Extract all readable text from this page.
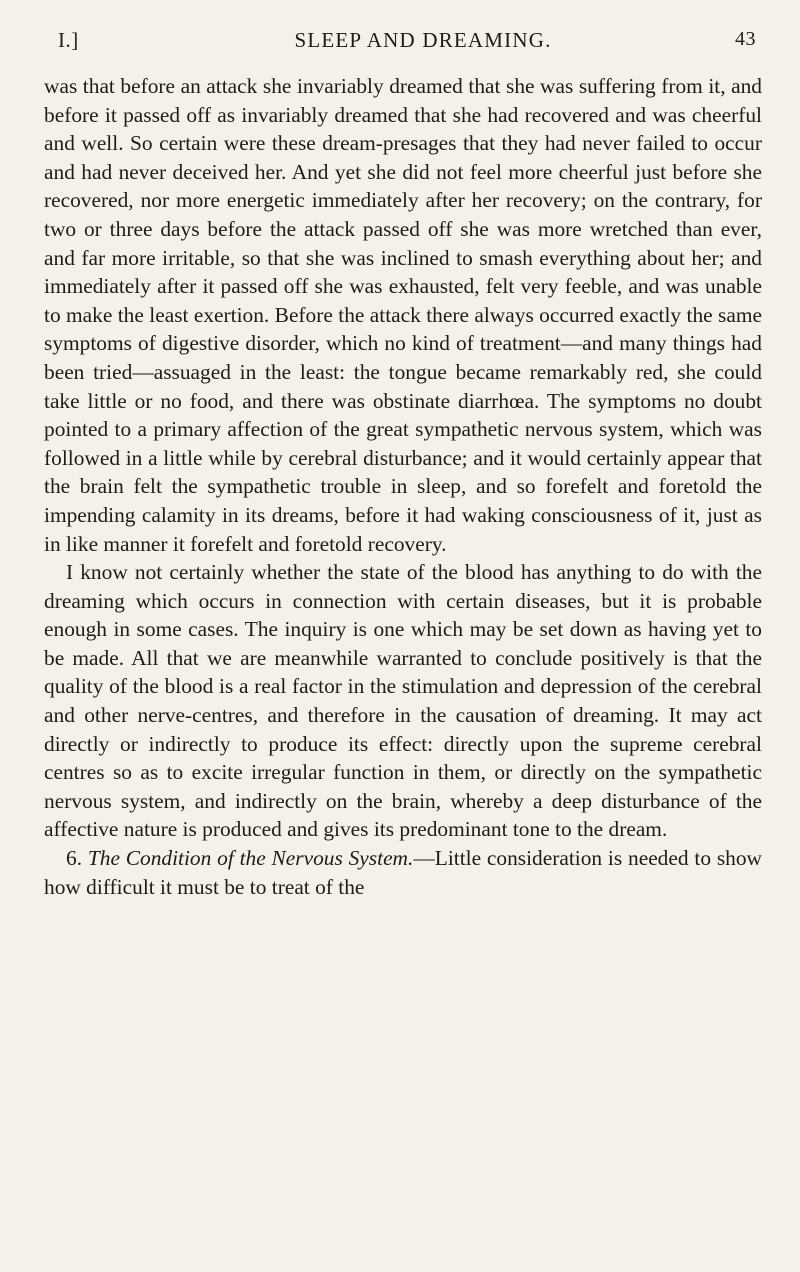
I.]	SLEEP AND DREAMING.	43

was that before an attack she invariably dreamed that she was suffering from it, and before it passed off as invariably dreamed that she had recovered and was cheerful and well. So certain were these dream-presages that they had never failed to occur and had never deceived her. And yet she did not feel more cheerful just before she recovered, nor more energetic immediately after her recovery; on the contrary, for two or three days before the attack passed off she was more wretched than ever, and far more irritable, so that she was inclined to smash everything about her; and immediately after it passed off she was exhausted, felt very feeble, and was unable to make the least exertion. Before the attack there always occurred exactly the same symptoms of digestive disorder, which no kind of treatment—and many things had been tried—assuaged in the least: the tongue became remarkably red, she could take little or no food, and there was obstinate diarrhœa. The symptoms no doubt pointed to a primary affection of the great sympathetic nervous system, which was followed in a little while by cerebral disturbance; and it would certainly appear that the brain felt the sympathetic trouble in sleep, and so forefelt and foretold the impending calamity in its dreams, before it had waking consciousness of it, just as in like manner it forefelt and foretold recovery.

I know not certainly whether the state of the blood has anything to do with the dreaming which occurs in connection with certain diseases, but it is probable enough in some cases. The inquiry is one which may be set down as having yet to be made. All that we are meanwhile warranted to conclude positively is that the quality of the blood is a real factor in the stimulation and depression of the cerebral and other nerve-centres, and therefore in the causation of dreaming. It may act directly or indirectly to produce its effect: directly upon the supreme cerebral centres so as to excite irregular function in them, or directly on the sympathetic nervous system, and indirectly on the brain, whereby a deep disturbance of the affective nature is produced and gives its predominant tone to the dream.

6. The Condition of the Nervous System.—Little consideration is needed to show how difficult it must be to treat of the
